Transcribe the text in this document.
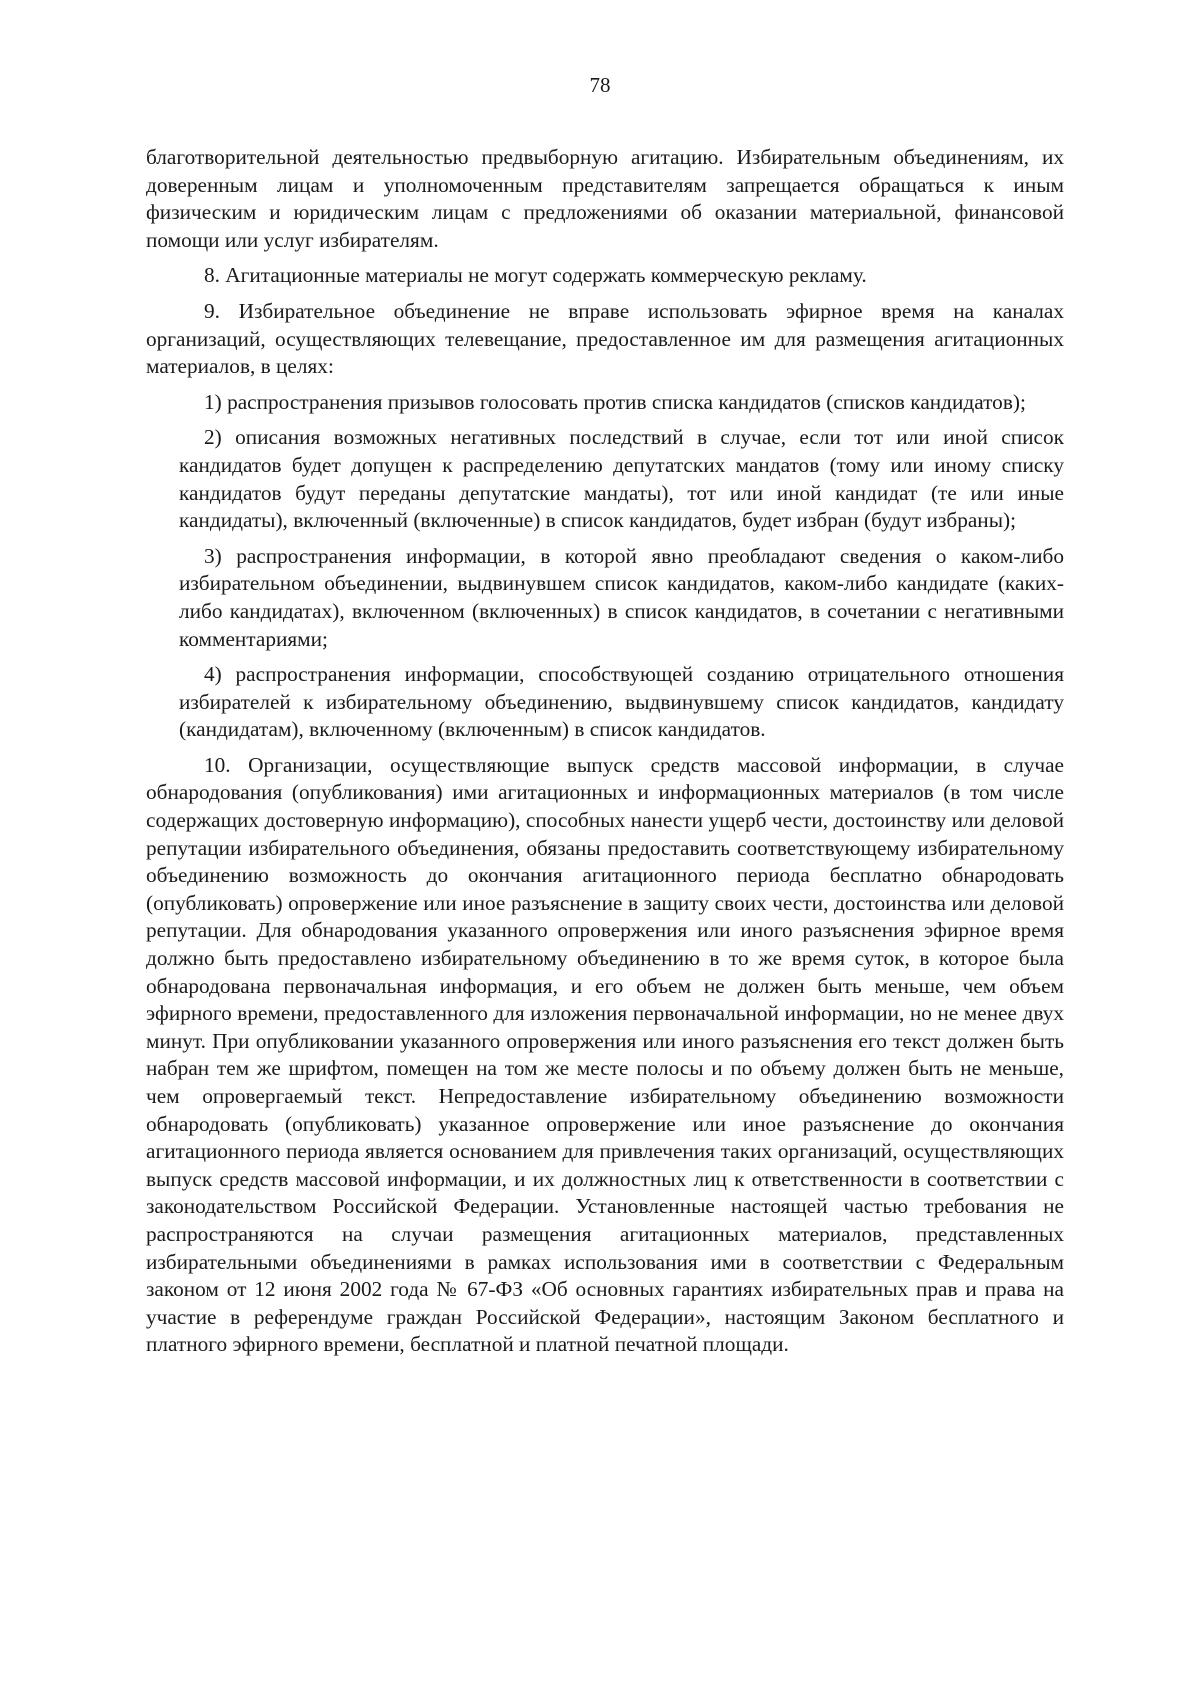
78

благотворительной деятельностью предвыборную агитацию. Избирательным объединениям, их доверенным лицам и уполномоченным представителям запрещается обращаться к иным физическим и юридическим лицам с предложениями об оказании материальной, финансовой помощи или услуг избирателям.

8. Агитационные материалы не могут содержать коммерческую рекламу.

9. Избирательное объединение не вправе использовать эфирное время на каналах организаций, осуществляющих телевещание, предоставленное им для размещения агитационных материалов, в целях:

1) распространения призывов голосовать против списка кандидатов (списков кандидатов);

2) описания возможных негативных последствий в случае, если тот или иной список кандидатов будет допущен к распределению депутатских мандатов (тому или иному списку кандидатов будут переданы депутатские мандаты), тот или иной кандидат (те или иные кандидаты), включенный (включенные) в список кандидатов, будет избран (будут избраны);

3) распространения информации, в которой явно преобладают сведения о каком-либо избирательном объединении, выдвинувшем список кандидатов, каком-либо кандидате (каких-либо кандидатах), включенном (включенных) в список кандидатов, в сочетании с негативными комментариями;

4) распространения информации, способствующей созданию отрицательного отношения избирателей к избирательному объединению, выдвинувшему список кандидатов, кандидату (кандидатам), включенному (включенным) в список кандидатов.

10. Организации, осуществляющие выпуск средств массовой информации, в случае обнародования (опубликования) ими агитационных и информационных материалов (в том числе содержащих достоверную информацию), способных нанести ущерб чести, достоинству или деловой репутации избирательного объединения, обязаны предоставить соответствующему избирательному объединению возможность до окончания агитационного периода бесплатно обнародовать (опубликовать) опровержение или иное разъяснение в защиту своих чести, достоинства или деловой репутации. Для обнародования указанного опровержения или иного разъяснения эфирное время должно быть предоставлено избирательному объединению в то же время суток, в которое была обнародована первоначальная информация, и его объем не должен быть меньше, чем объем эфирного времени, предоставленного для изложения первоначальной информации, но не менее двух минут. При опубликовании указанного опровержения или иного разъяснения его текст должен быть набран тем же шрифтом, помещен на том же месте полосы и по объему должен быть не меньше, чем опровергаемый текст. Непредоставление избирательному объединению возможности обнародовать (опубликовать) указанное опровержение или иное разъяснение до окончания агитационного периода является основанием для привлечения таких организаций, осуществляющих выпуск средств массовой информации, и их должностных лиц к ответственности в соответствии с законодательством Российской Федерации. Установленные настоящей частью требования не распространяются на случаи размещения агитационных материалов, представленных избирательными объединениями в рамках использования ими в соответствии с Федеральным законом от 12 июня 2002 года № 67-ФЗ «Об основных гарантиях избирательных прав и права на участие в референдуме граждан Российской Федерации», настоящим Законом бесплатного и платного эфирного времени, бесплатной и платной печатной площади.
